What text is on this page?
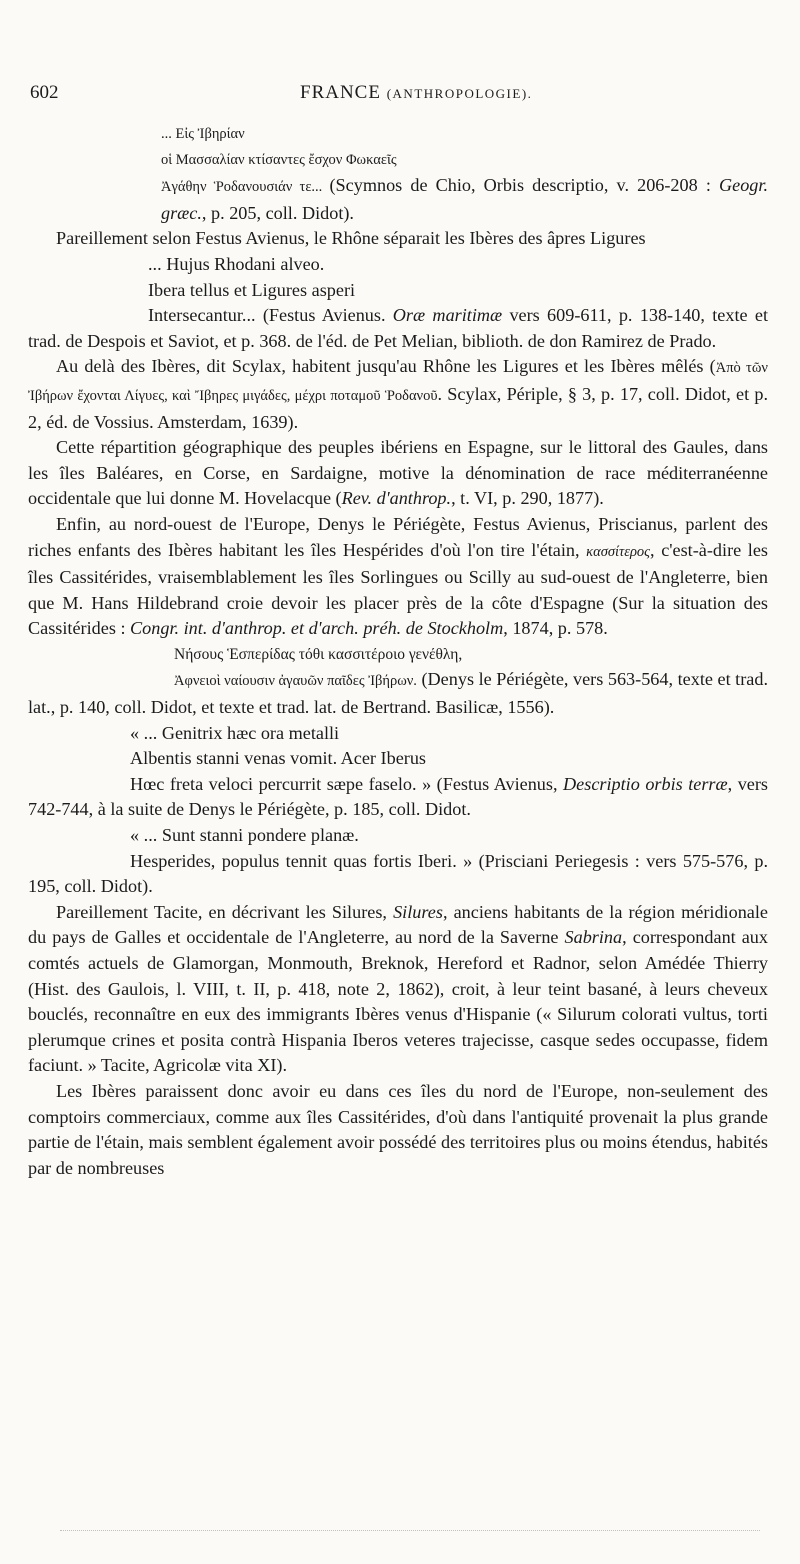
602	FRANCE (ANTHROPOLOGIE).

... Εἰς Ἰβηρίαν

οἱ Μασσαλίαν κτίσαντες ἔσχον Φωκαεῖς

Ἀγάθην Ῥοδανουσιάν τε... (Scymnos de Chio, Orbis descriptio, v. 206-208 : Geogr. græc., p. 205, coll. Didot).

Pareillement selon Festus Avienus, le Rhône séparait les Ibères des âpres Ligures

... Hujus Rhodani alveo.

Ibera tellus et Ligures asperi

Intersecantur... (Festus Avienus. Oræ maritimæ vers 609-611, p. 138-140, texte et trad. de Despois et Saviot, et p. 368. de l'éd. de Pet Melian, biblioth. de don Ramirez de Prado.

Au delà des Ibères, dit Scylax, habitent jusqu'au Rhône les Ligures et les Ibères mêlés (Ἀπὸ τῶν Ἰβήρων ἔχονται Λίγυες, καὶ Ἴβηρες μιγάδες, μέχρι ποταμοῦ Ῥοδανοῦ. Scylax, Périple, § 3, p. 17, coll. Didot, et p. 2, éd. de Vossius. Amsterdam, 1639).

Cette répartition géographique des peuples ibériens en Espagne, sur le littoral des Gaules, dans les îles Baléares, en Corse, en Sardaigne, motive la dénomination de race méditerranéenne occidentale que lui donne M. Hovelacque (Rev. d'anthrop., t. VI, p. 290, 1877).

Enfin, au nord-ouest de l'Europe, Denys le Périégète, Festus Avienus, Priscianus, parlent des riches enfants des Ibères habitant les îles Hespérides d'où l'on tire l'étain, κασσίτερος, c'est-à-dire les îles Cassitérides, vraisemblablement les îles Sorlingues ou Scilly au sud-ouest de l'Angleterre, bien que M. Hans Hildebrand croie devoir les placer près de la côte d'Espagne (Sur la situation des Cassitérides : Congr. int. d'anthrop. et d'arch. préh. de Stockholm, 1874, p. 578.

Νήσους Ἑσπερίδας τόθι κασσιτέροιο γενέθλη,

Ἀφνειοὶ ναίουσιν ἀγαυῶν παῖδες Ἰβήρων. (Denys le Périégète, vers 563-564, texte et trad. lat., p. 140, coll. Didot, et texte et trad. lat. de Bertrand. Basilicæ, 1556).

« ... Genitrix hæc ora metalli

Albentis stanni venas vomit. Acer Iberus

Hœc freta veloci percurrit sæpe faselo. » (Festus Avienus, Descriptio orbis terræ, vers 742-744, à la suite de Denys le Périégète, p. 185, coll. Didot.

« ... Sunt stanni pondere planæ.

Hesperides, populus tennit quas fortis Iberi. » (Prisciani Periegesis : vers 575-576, p. 195, coll. Didot).

Pareillement Tacite, en décrivant les Silures, Silures, anciens habitants de la région méridionale du pays de Galles et occidentale de l'Angleterre, au nord de la Saverne Sabrina, correspondant aux comtés actuels de Glamorgan, Monmouth, Breknok, Hereford et Radnor, selon Amédée Thierry (Hist. des Gaulois, l. VIII, t. II, p. 418, note 2, 1862), croit, à leur teint basané, à leurs cheveux bouclés, reconnaître en eux des immigrants Ibères venus d'Hispanie (« Silurum colorati vultus, torti plerumque crines et posita contrà Hispania Iberos veteres trajecisse, casque sedes occupasse, fidem faciunt. » Tacite, Agricolæ vita XI).

Les Ibères paraissent donc avoir eu dans ces îles du nord de l'Europe, non-seulement des comptoirs commerciaux, comme aux îles Cassitérides, d'où dans l'antiquité provenait la plus grande partie de l'étain, mais semblent également avoir possédé des territoires plus ou moins étendus, habités par de nombreuses
